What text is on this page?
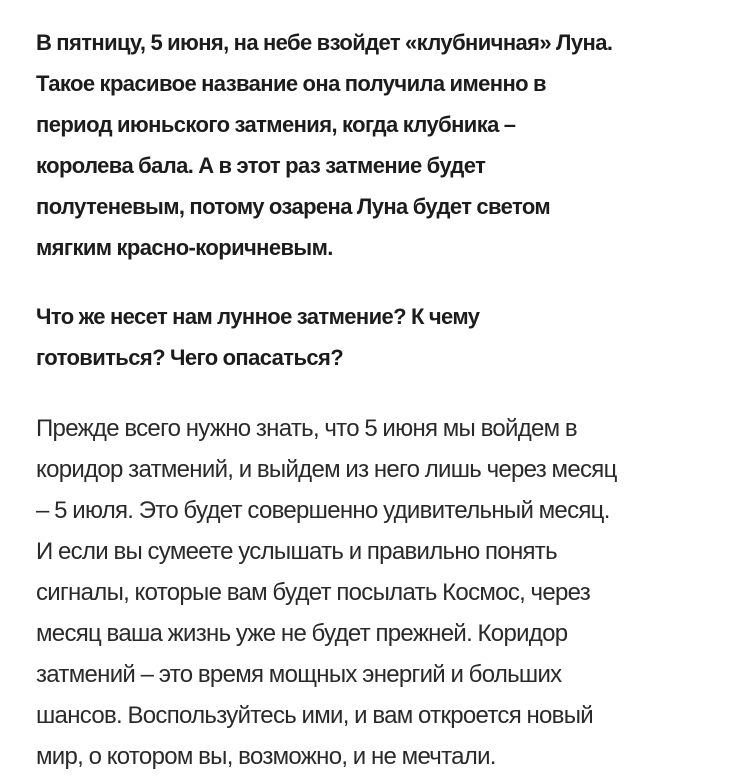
В пятницу, 5 июня, на небе взойдет «клубничная» Луна.
Такое красивое название она получила именно в
период июньского затмения, когда клубника –
королева бала. А в этот раз затмение будет
полутеневым, потому озарена Луна будет светом
мягким красно-коричневым.

Что же несет нам лунное затмение? К чему
готовиться? Чего опасаться?

Прежде всего нужно знать, что 5 июня мы войдем в
коридор затмений, и выйдем из него лишь через месяц
– 5 июля. Это будет совершенно удивительный месяц.
И если вы сумеете услышать и правильно понять
сигналы, которые вам будет посылать Космос, через
месяц ваша жизнь уже не будет прежней. Коридор
затмений – это время мощных энергий и больших
шансов. Воспользуйтесь ими, и вам откроется новый
мир, о котором вы, возможно, и не мечтали.
